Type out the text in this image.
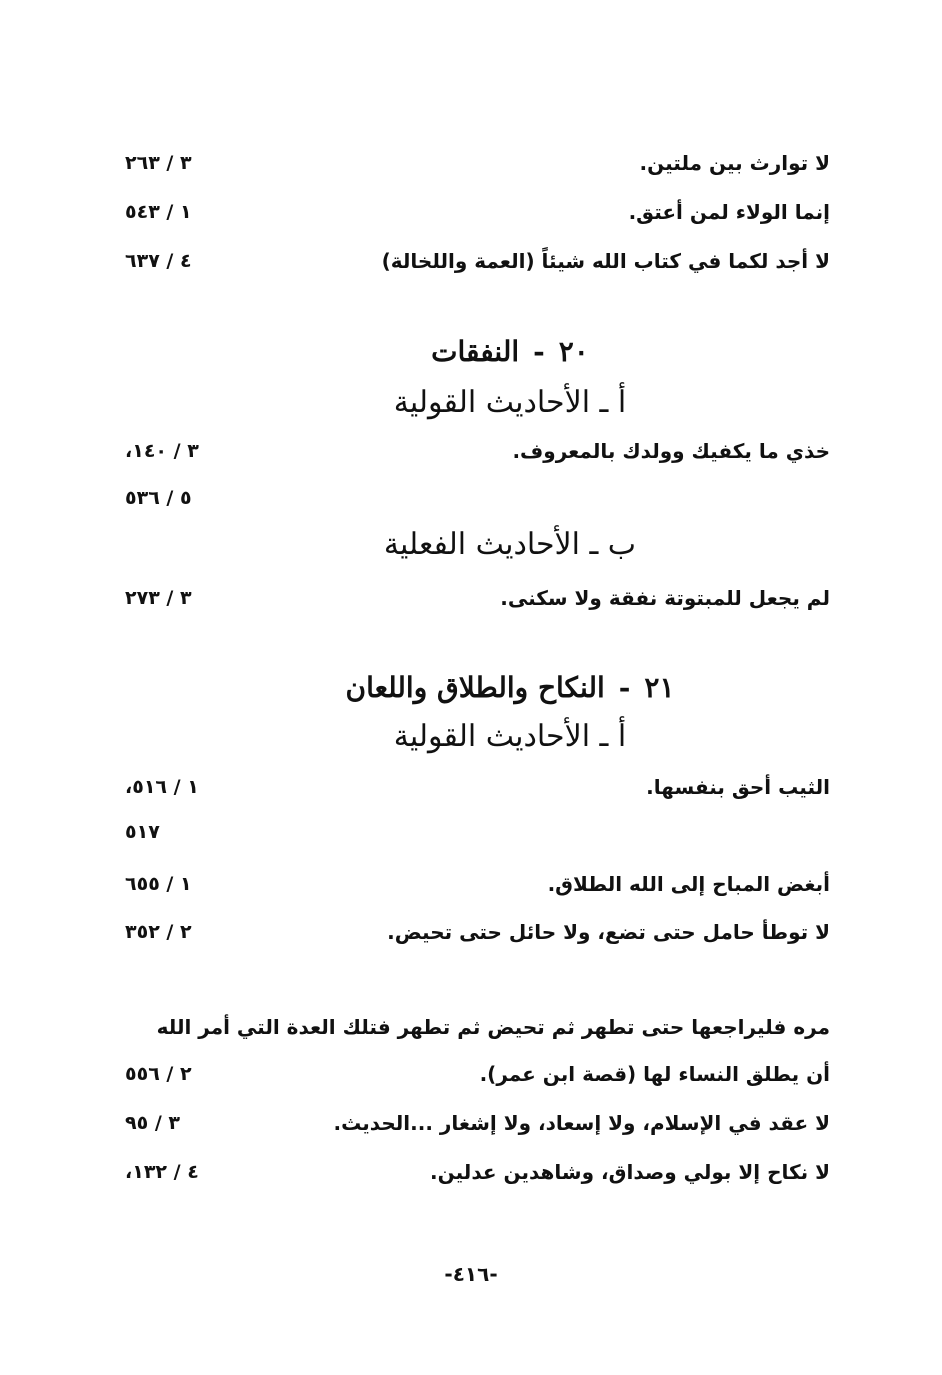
لا توارث بين ملتين.
٣ / ٢٦٣
إنما الولاء لمن أعتق.
١ / ٥٤٣
لا أجد لكما في كتاب الله شيئاً (العمة واللخالة)
٤ / ٦٣٧
٢٠-النفقات
أ ـ الأحاديث القولية
خذي ما يكفيك وولدك بالمعروف.
٣ / ١٤٠،
٥ / ٥٣٦
ب ـ الأحاديث الفعلية
لم يجعل للمبتوتة نفقة ولا سكنى.
٣ / ٢٧٣
٢١-النكاح والطلاق واللعان
أ ـ الأحاديث القولية
الثيب أحق بنفسها.
١ / ٥١٦،
٥١٧
أبغض المباح إلى الله الطلاق.
١ / ٦٥٥
لا توطأ حامل حتى تضع، ولا حائل حتى تحيض.
٢ / ٣٥٢
مره فليراجعها حتى تطهر ثم تحيض ثم تطهر فتلك العدة التي أمر الله
أن يطلق النساء لها (قصة ابن عمر).
٢ / ٥٥٦
لا عقد في الإسلام، ولا إسعاد، ولا إشغار ...الحديث.
٣ / ٩٥
لا نكاح إلا بولي وصداق، وشاهدين عدلين.
٤ / ١٣٢،
-٤١٦-
